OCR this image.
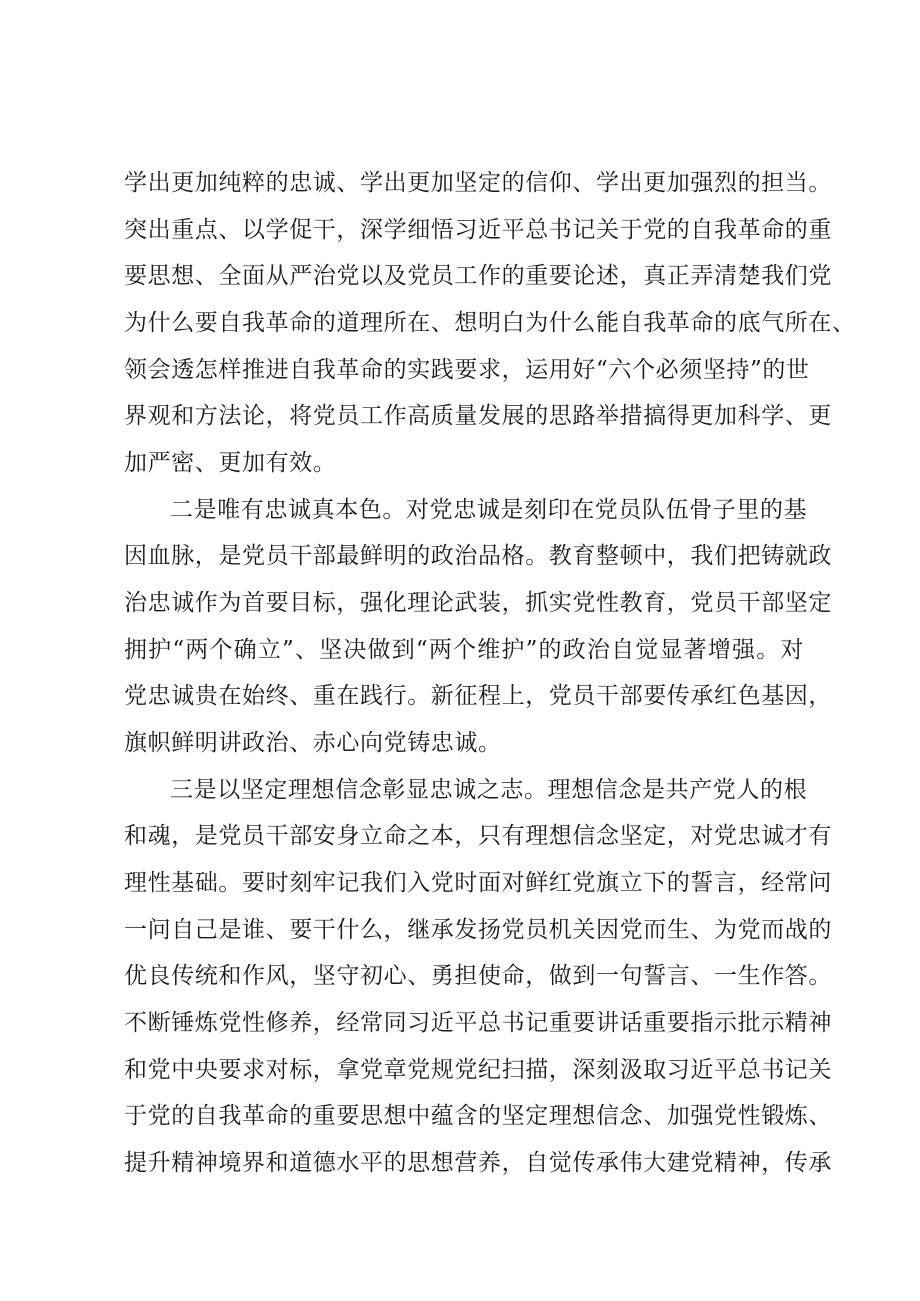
学出更加纯粹的忠诚、学出更加坚定的信仰、学出更加强烈的担当。
突出重点、以学促干，深学细悟习近平总书记关于党的自我革命的重
要思想、全面从严治党以及党员工作的重要论述，真正弄清楚我们党
为什么要自我革命的道理所在、想明白为什么能自我革命的底气所在、
领会透怎样推进自我革命的实践要求，运用好“六个必须坚持”的世
界观和方法论，将党员工作高质量发展的思路举措搞得更加科学、更
加严密、更加有效。
二是唯有忠诚真本色。对党忠诚是刻印在党员队伍骨子里的基
因血脉，是党员干部最鲜明的政治品格。教育整顿中，我们把铸就政
治忠诚作为首要目标，强化理论武装，抓实党性教育，党员干部坚定
拥护“两个确立”、坚决做到“两个维护”的政治自觉显著增强。对
党忠诚贵在始终、重在践行。新征程上，党员干部要传承红色基因，
旗帜鲜明讲政治、赤心向党铸忠诚。
三是以坚定理想信念彰显忠诚之志。理想信念是共产党人的根
和魂，是党员干部安身立命之本，只有理想信念坚定，对党忠诚才有
理性基础。要时刻牢记我们入党时面对鲜红党旗立下的誓言，经常问
一问自己是谁、要干什么，继承发扬党员机关因党而生、为党而战的
优良传统和作风，坚守初心、勇担使命，做到一句誓言、一生作答。
不断锤炼党性修养，经常同习近平总书记重要讲话重要指示批示精神
和党中央要求对标，拿党章党规党纪扫描，深刻汲取习近平总书记关
于党的自我革命的重要思想中蕴含的坚定理想信念、加强党性锻炼、
提升精神境界和道德水平的思想营养，自觉传承伟大建党精神，传承
